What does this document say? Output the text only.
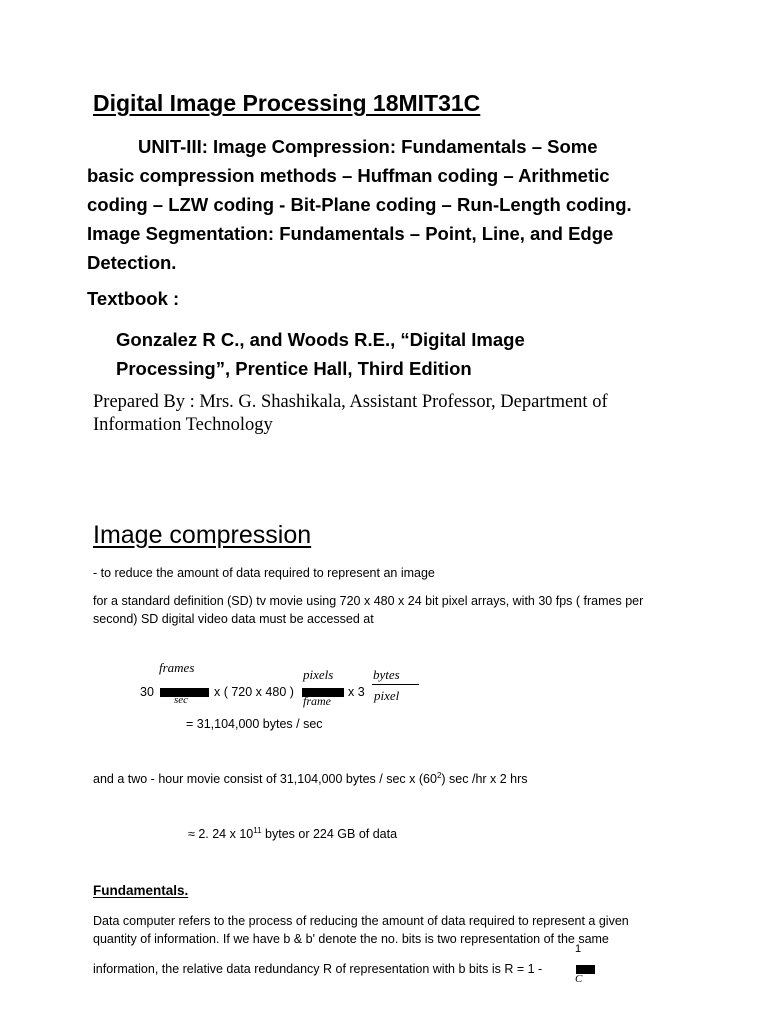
Digital Image Processing 18MIT31C

UNIT-III: Image Compression: Fundamentals – Some

basic compression methods – Huffman coding – Arithmetic

coding – LZW coding - Bit-Plane coding – Run-Length coding.

Image Segmentation: Fundamentals – Point, Line, and Edge

Detection.

Textbook :
Gonzalez R C., and Woods R.E., “Digital Image
Processing”, Prentice Hall, Third Edition
Prepared By : Mrs. G. Shashikala, Assistant Professor, Department of Information Technology
Image compression
- to reduce the amount of data required to represent an image
for a standard definition (SD) tv movie using 720 x 480 x 24 bit pixel arrays, with 30 fps ( frames per second) SD digital video data must be accessed at
frames
30
sec
x ( 720 x 480 )
pixels
frame
x 3
bytes
pixel
= 31,104,000 bytes / sec
and a two - hour movie consist of 31,104,000 bytes / sec x $(60^2)$ sec /hr x 2 hrs
≈ 2. 24 x $10^{11}$ bytes or 224 GB of data
Fundamentals.
Data computer refers to the process of reducing the amount of data required to represent a given quantity of information. If we have b & b' denote the no. bits is two representation of the same
1
information, the relative data redundancy R of representation with b bits is R = 1 -
C
